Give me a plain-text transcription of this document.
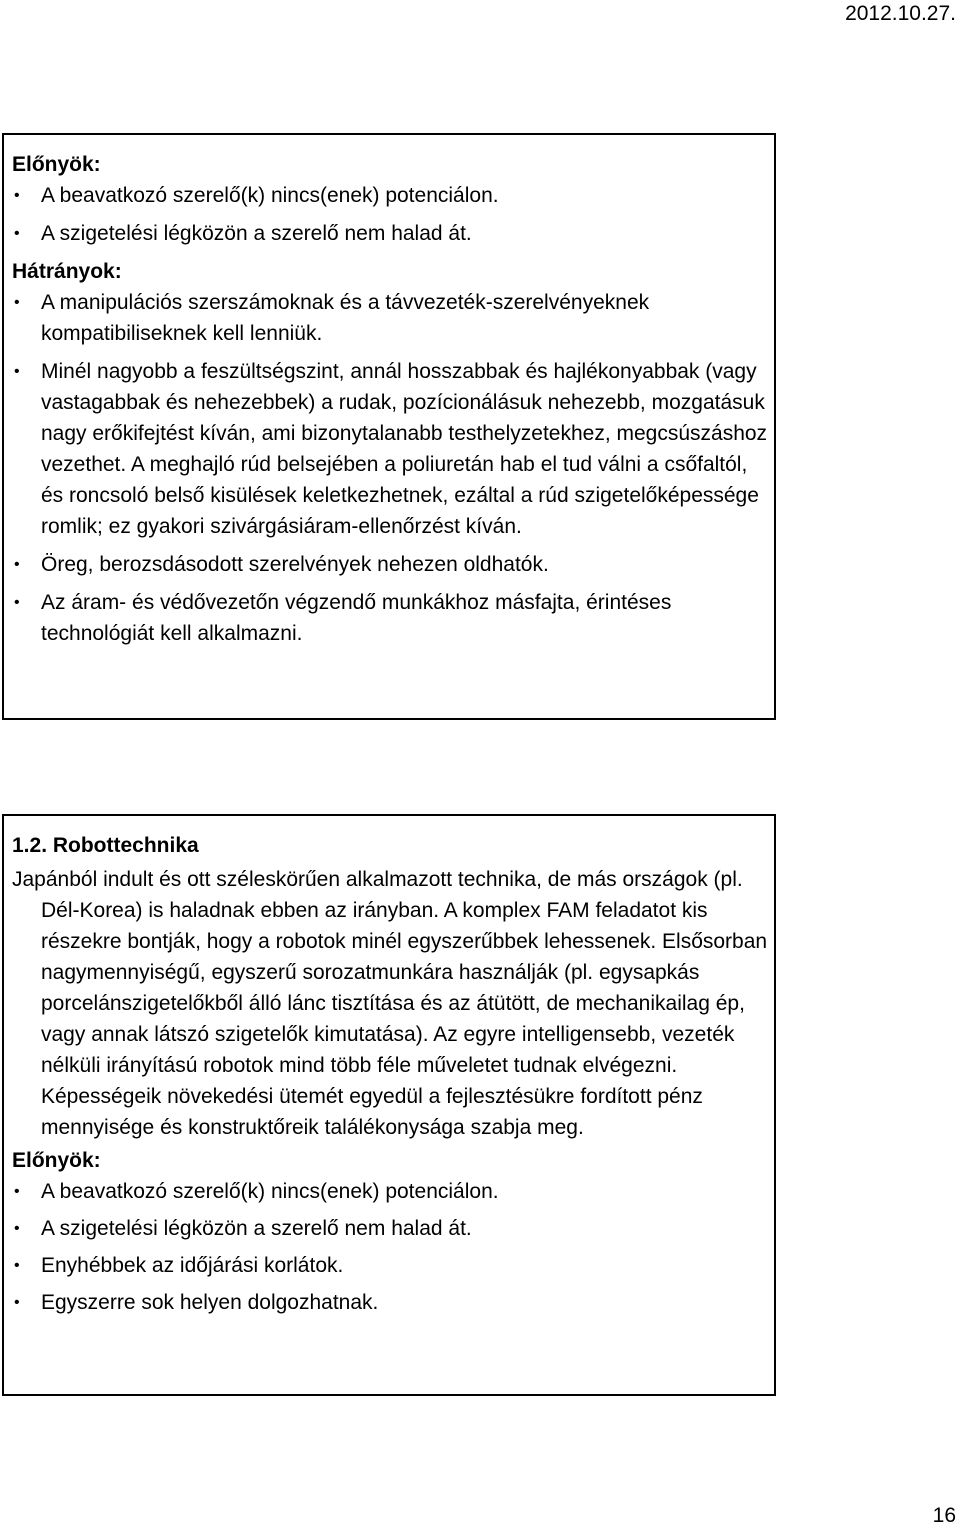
2012.10.27.
Előnyök:
• A beavatkozó szerelő(k) nincs(enek) potenciálon.
• A szigetelési légközön a szerelő nem halad át.
Hátrányok:
• A manipulációs szerszámoknak és a távvezeték-szerelvényeknek kompatibiliseknek kell lenniük.
• Minél nagyobb a feszültségszint, annál hosszabbak és hajlékonyabbak (vagy vastagabbak és nehezebbek) a rudak, pozícionálásuk nehezebb, mozgatásuk nagy erőkifejtést kíván, ami bizonytalanabb testhelyzetekhez, megcsúszáshoz vezethet. A meghajló rúd belsejében a poliuretán hab el tud válni a csőfaltól, és roncsoló belső kisülések keletkezhetnek, ezáltal a rúd szigetelőképessége romlik; ez gyakori szivárgásiáram-ellenőrzést kíván.
• Öreg, berozsdásodott szerelvények nehezen oldhatók.
• Az áram- és védővezetőn végzendő munkákhoz másfajta, érintéses technológiát kell alkalmazni.
1.2. Robottechnika
Japánból indult és ott széleskörűen alkalmazott technika, de más országok (pl. Dél-Korea) is haladnak ebben az irányban. A komplex FAM feladatot kis részekre bontják, hogy a robotok minél egyszerűbbek lehessenek. Elsősorban nagymennyiségű, egyszerű sorozatmunkára használják (pl. egysapkás porcelánszigetelőkből álló lánc tisztítása és az átütött, de mechanikailag ép, vagy annak látszó szigetelők kimutatása). Az egyre intelligensebb, vezeték nélküli irányítású robotok mind több féle műveletet tudnak elvégezni. Képességeik növekedési ütemét egyedül a fejlesztésükre fordított pénz mennyisége és konstruktőreik találékonysága szabja meg.
Előnyök:
• A beavatkozó szerelő(k) nincs(enek) potenciálon.
• A szigetelési légközön a szerelő nem halad át.
• Enyhébbek az időjárási korlátok.
• Egyszerre sok helyen dolgozhatnak.
16
